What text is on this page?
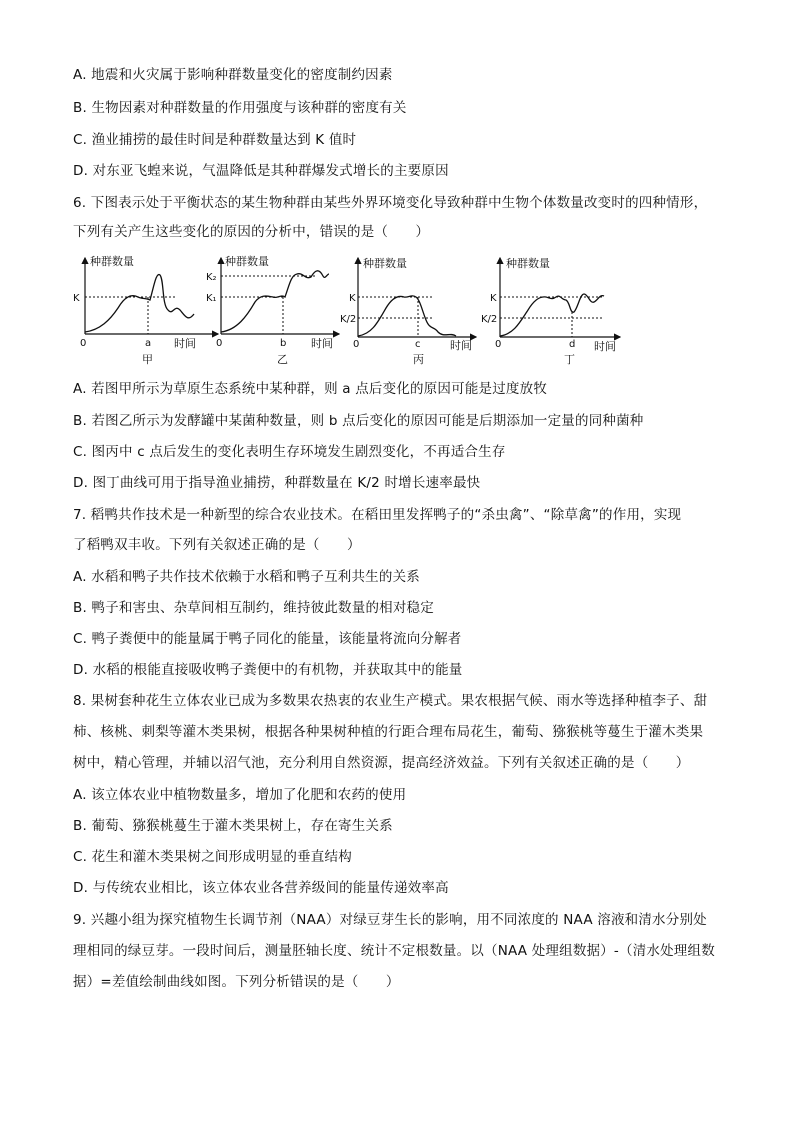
A. 地震和火灾属于影响种群数量变化的密度制约因素
B. 生物因素对种群数量的作用强度与该种群的密度有关
C. 渔业捕捞的最佳时间是种群数量达到 K 值时
D. 对东亚飞蝗来说，气温降低是其种群爆发式增长的主要原因
6. 下图表示处于平衡状态的某生物种群由某些外界环境变化导致种群中生物个体数量改变时的四种情形，
下列有关产生这些变化的原因的分析中，错误的是（　　）
种群数量
时间
0
K
a
甲
种群数量
时间
0
K₂
K₁
b
乙
种群数量
时间
0
K
K/2
c
丙
种群数量
时间
0
K
K/2
d
丁
A. 若图甲所示为草原生态系统中某种群，则 a 点后变化的原因可能是过度放牧
B. 若图乙所示为发酵罐中某菌种数量，则 b 点后变化的原因可能是后期添加一定量的同种菌种
C. 图丙中 c 点后发生的变化表明生存环境发生剧烈变化，不再适合生存
D. 图丁曲线可用于指导渔业捕捞，种群数量在 K/2 时增长速率最快
7. 稻鸭共作技术是一种新型的综合农业技术。在稻田里发挥鸭子的“杀虫禽”、“除草禽”的作用，实现
了稻鸭双丰收。下列有关叙述正确的是（　　）
A. 水稻和鸭子共作技术依赖于水稻和鸭子互利共生的关系
B. 鸭子和害虫、杂草间相互制约，维持彼此数量的相对稳定
C. 鸭子粪便中的能量属于鸭子同化的能量，该能量将流向分解者
D. 水稻的根能直接吸收鸭子粪便中的有机物，并获取其中的能量
8. 果树套种花生立体农业已成为多数果农热衷的农业生产模式。果农根据气候、雨水等选择种植李子、甜
柿、核桃、刺梨等灌木类果树，根据各种果树种植的行距合理布局花生，葡萄、猕猴桃等蔓生于灌木类果
树中，精心管理，并辅以沼气池，充分利用自然资源，提高经济效益。下列有关叙述正确的是（　　）
A. 该立体农业中植物数量多，增加了化肥和农药的使用
B. 葡萄、猕猴桃蔓生于灌木类果树上，存在寄生关系
C. 花生和灌木类果树之间形成明显的垂直结构
D. 与传统农业相比，该立体农业各营养级间的能量传递效率高
9. 兴趣小组为探究植物生长调节剂（NAA）对绿豆芽生长的影响，用不同浓度的 NAA 溶液和清水分别处
理相同的绿豆芽。一段时间后，测量胚轴长度、统计不定根数量。以（NAA 处理组数据）-（清水处理组数
据）=差值绘制曲线如图。下列分析错误的是（　　）
